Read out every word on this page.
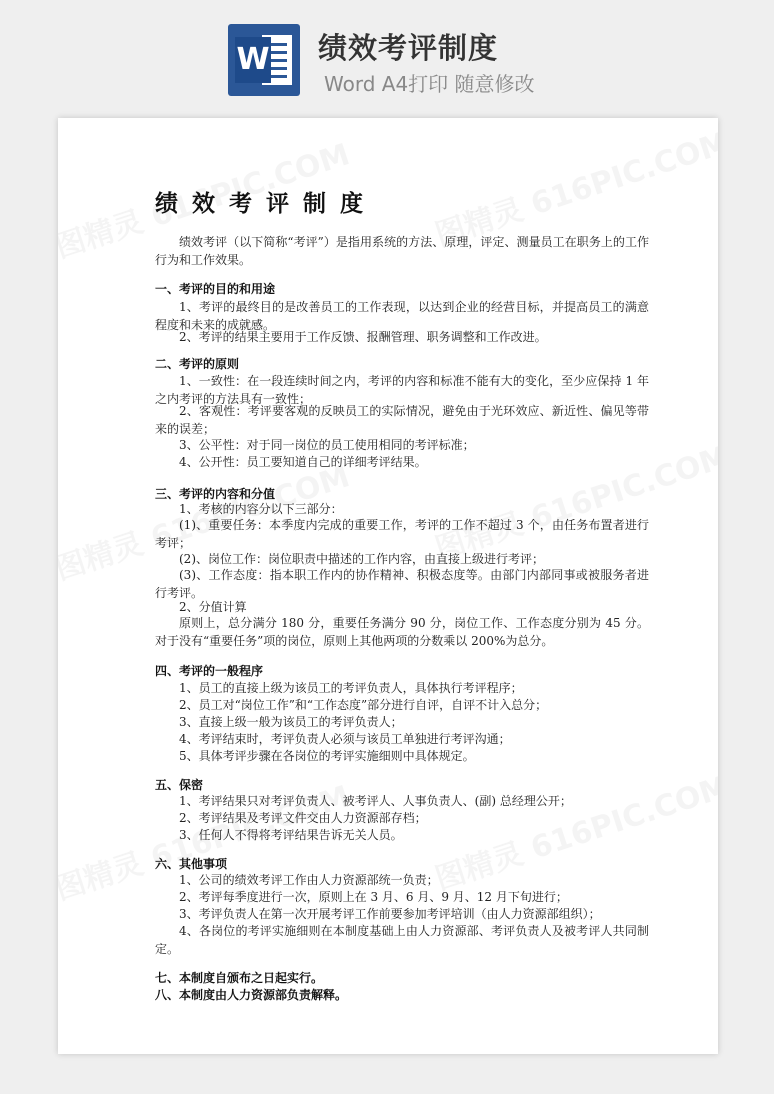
W 绩效考评制度
Word A4打印 随意修改
绩效考评制度
绩效考评（以下简称“考评”）是指用系统的方法、原理，评定、测量员工在职务上的工作行为和工作效果。
一、考评的目的和用途
1、考评的最终目的是改善员工的工作表现，以达到企业的经营目标，并提高员工的满意程度和未来的成就感。
2、考评的结果主要用于工作反馈、报酬管理、职务调整和工作改进。
二、考评的原则
1、一致性：在一段连续时间之内，考评的内容和标准不能有大的变化，至少应保持 1 年之内考评的方法具有一致性；
2、客观性：考评要客观的反映员工的实际情况，避免由于光环效应、新近性、偏见等带来的误差；
3、公平性：对于同一岗位的员工使用相同的考评标准；
4、公开性：员工要知道自己的详细考评结果。
三、考评的内容和分值
1、考核的内容分以下三部分：
(1)、重要任务：本季度内完成的重要工作，考评的工作不超过 3 个，由任务布置者进行考评；
(2)、岗位工作：岗位职责中描述的工作内容，由直接上级进行考评；
(3)、工作态度：指本职工作内的协作精神、积极态度等。由部门内部同事或被服务者进行考评。
2、分值计算
原则上，总分满分 180 分，重要任务满分 90 分，岗位工作、工作态度分别为 45 分。对于没有“重要任务”项的岗位，原则上其他两项的分数乘以 200%为总分。
四、考评的一般程序
1、员工的直接上级为该员工的考评负责人，具体执行考评程序；
2、员工对“岗位工作”和“工作态度”部分进行自评，自评不计入总分；
3、直接上级一般为该员工的考评负责人；
4、考评结束时，考评负责人必须与该员工单独进行考评沟通；
5、具体考评步骤在各岗位的考评实施细则中具体规定。
五、保密
1、考评结果只对考评负责人、被考评人、人事负责人、(副) 总经理公开；
2、考评结果及考评文件交由人力资源部存档；
3、任何人不得将考评结果告诉无关人员。
六、其他事项
1、公司的绩效考评工作由人力资源部统一负责；
2、考评每季度进行一次，原则上在 3 月、6 月、9 月、12 月下旬进行；
3、考评负责人在第一次开展考评工作前要参加考评培训（由人力资源部组织）；
4、各岗位的考评实施细则在本制度基础上由人力资源部、考评负责人及被考评人共同制定。
七、本制度自颁布之日起实行。
八、本制度由人力资源部负责解释。
